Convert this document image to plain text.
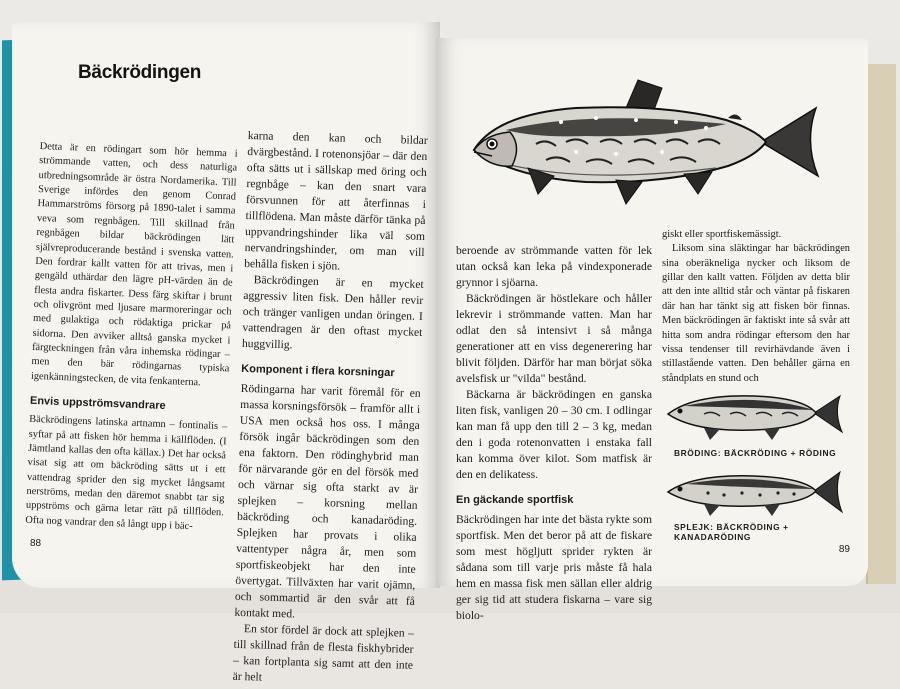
Bäckrödingen

Detta är en rödingart som hör hemma i strömmande vatten, och dess naturliga utbredningsområde är östra Nordamerika. Till Sverige infördes den genom Conrad Hammarströms försorg på 1890-talet i samma veva som regnbågen. Till skillnad från regnbågen bildar bäckrödingen lätt självreproducerande bestånd i svenska vatten. Den fordrar kallt vatten för att trivas, men i gengäld uthärdar den lägre pH-värden än de flesta andra fiskarter. Dess färg skiftar i brunt och olivgrönt med ljusare marmoreringar och med gulaktiga och rödaktiga prickar på sidorna. Den avviker alltså ganska mycket i färgteckningen från våra inhemska rödingar – men den bär rödingarnas typiska igenkänningstecken, de vita fenkanterna.

Envis uppströmsvandrare

Bäckrödingens latinska artnamn – fontinalis – syftar på att fisken hör hemma i källflöden. (I Jämtland kallas den ofta källax.) Det har också visat sig att om bäckröding sätts ut i ett vattendrag sprider den sig mycket långsamt nerströms, medan den däremot snabbt tar sig uppströms och gärna letar rätt på tillflöden. Ofta nog vandrar den så långt upp i bäc-

karna den kan och bildar dvärgbestånd. I rotenonsjöar – där den ofta sätts ut i sällskap med öring och regnbåge – kan den snart vara försvunnen för att återfinnas i tillflödena. Man måste därför tänka på uppvandringshinder lika väl som nervandringshinder, om man vill behålla fisken i sjön.

Bäckrödingen är en mycket aggressiv liten fisk. Den håller revir och tränger vanligen undan öringen. I vattendragen är den oftast mycket huggvillig.

Komponent i flera korsningar

Rödingarna har varit föremål för en massa korsningsförsök – framför allt i USA men också hos oss. I många försök ingår bäckrödingen som den ena faktorn. Den rödinghybrid man för närvarande gör en del försök med och värnar sig ofta starkt av är splejken – korsning mellan bäckröding och kanadaröding. Splejken har provats i olika vattentyper några år, men som sportfiskeobjekt har den inte övertygat. Tillväxten har varit ojämn, och sommartid är den svår att få kontakt med.

En stor fördel är dock att splejken – till skillnad från de flesta fiskhybrider – kan fortplanta sig samt att den inte är helt

88

beroende av strömmande vatten för lek utan också kan leka på vindexponerade grynnor i sjöarna.

Bäckrödingen är höstlekare och håller lekrevir i strömmande vatten. Man har odlat den så intensivt i så många generationer att en viss degenerering har blivit följden. Därför har man börjat söka avelsfisk ur "vilda" bestånd.

Bäckarna är bäckrödingen en ganska liten fisk, vanligen 20 – 30 cm. I odlingar kan man få upp den till 2 – 3 kg, medan den i goda rotenonvatten i enstaka fall kan komma över kilot. Som matfisk är den en delikatess.

En gäckande sportfisk

Bäckrödingen har inte det bästa rykte som sportfisk. Men det beror på att de fiskare som mest högljutt sprider rykten är sådana som till varje pris måste få hala hem en massa fisk men sällan eller aldrig ger sig tid att studera fiskarna – vare sig biolo-

giskt eller sportfiskemässigt.

Liksom sina släktingar har bäckrödingen sina oberäkneliga nycker och liksom de gillar den kallt vatten. Följden av detta blir att den inte alltid står och väntar på fiskaren där han har tänkt sig att fisken bör finnas. Men bäckrödingen är faktiskt inte så svår att hitta som andra rödingar eftersom den har vissa tendenser till revirhävdande även i stillastående vatten. Den behåller gärna en ståndplats en stund och

BRÖDING: BÄCKRÖDING + RÖDING
SPLEJK: BÄCKRÖDING + KANADARÖDING
89
